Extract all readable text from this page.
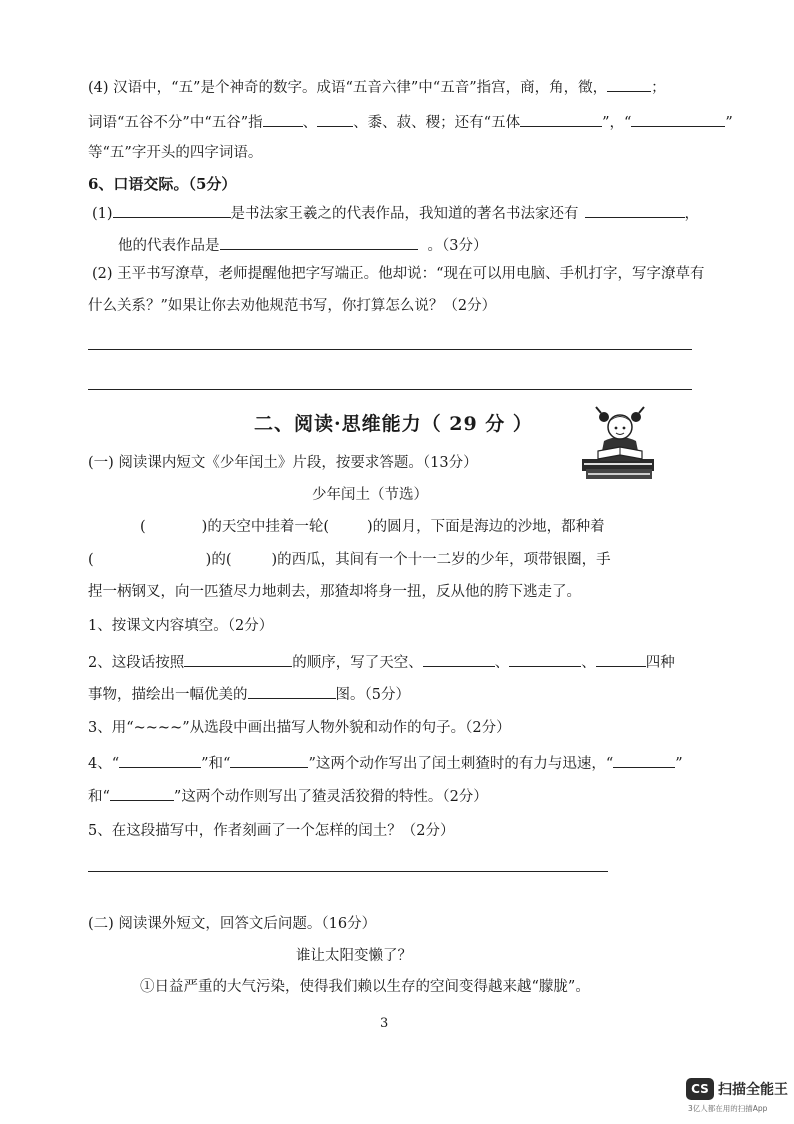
(4) 汉语中，“五”是个神奇的数字。成语“五音六律”中“五音”指宫，商，角，徵，	；
词语“五谷不分”中“五谷”指	、 、黍、菽、稷；还有“五体	”，“	”
等“五”字开头的四字词语。
6、口语交际。（5分）
(1)	是书法家王羲之的代表作品，我知道的著名书法家还有	，
他的代表作品是	。（3分）
(2) 王平书写潦草，老师提醒他把字写端正。他却说：“现在可以用电脑、手机打字，写字潦草有
什么关系？”如果让你去劝他规范书写，你打算怎么说？（2分）
二、阅读·思维能力（ 29 分 ）
(一) 阅读课内短文《少年闰土》片段，按要求答题。（13分）
少年闰土（节选）
(	)的天空中挂着一轮(	)的圆月，下面是海边的沙地，都种着
(	)的(	)的西瓜，其间有一个十一二岁的少年，项带银圈，手
捏一柄钢叉，向一匹猹尽力地刺去，那猹却将身一扭，反从他的胯下逃走了。
1、按课文内容填空。（2分）
2、这段话按照	的顺序，写了天空、	、	、	四种
事物，描绘出一幅优美的	图。（5分）
3、用“~~~~”从选段中画出描写人物外貌和动作的句子。（2分）
4、“	”和“	”这两个动作写出了闰土刺猹时的有力与迅速，“	”
和“	”这两个动作则写出了猹灵活狡猾的特性。（2分）
5、在这段描写中，作者刻画了一个怎样的闰土？（2分）
(二) 阅读课外短文，回答文后问题。（16分）
谁让太阳变懒了？
①日益严重的大气污染，使得我们赖以生存的空间变得越来越“朦胧”。
3
CS 扫描全能王
3亿人都在用的扫描App
